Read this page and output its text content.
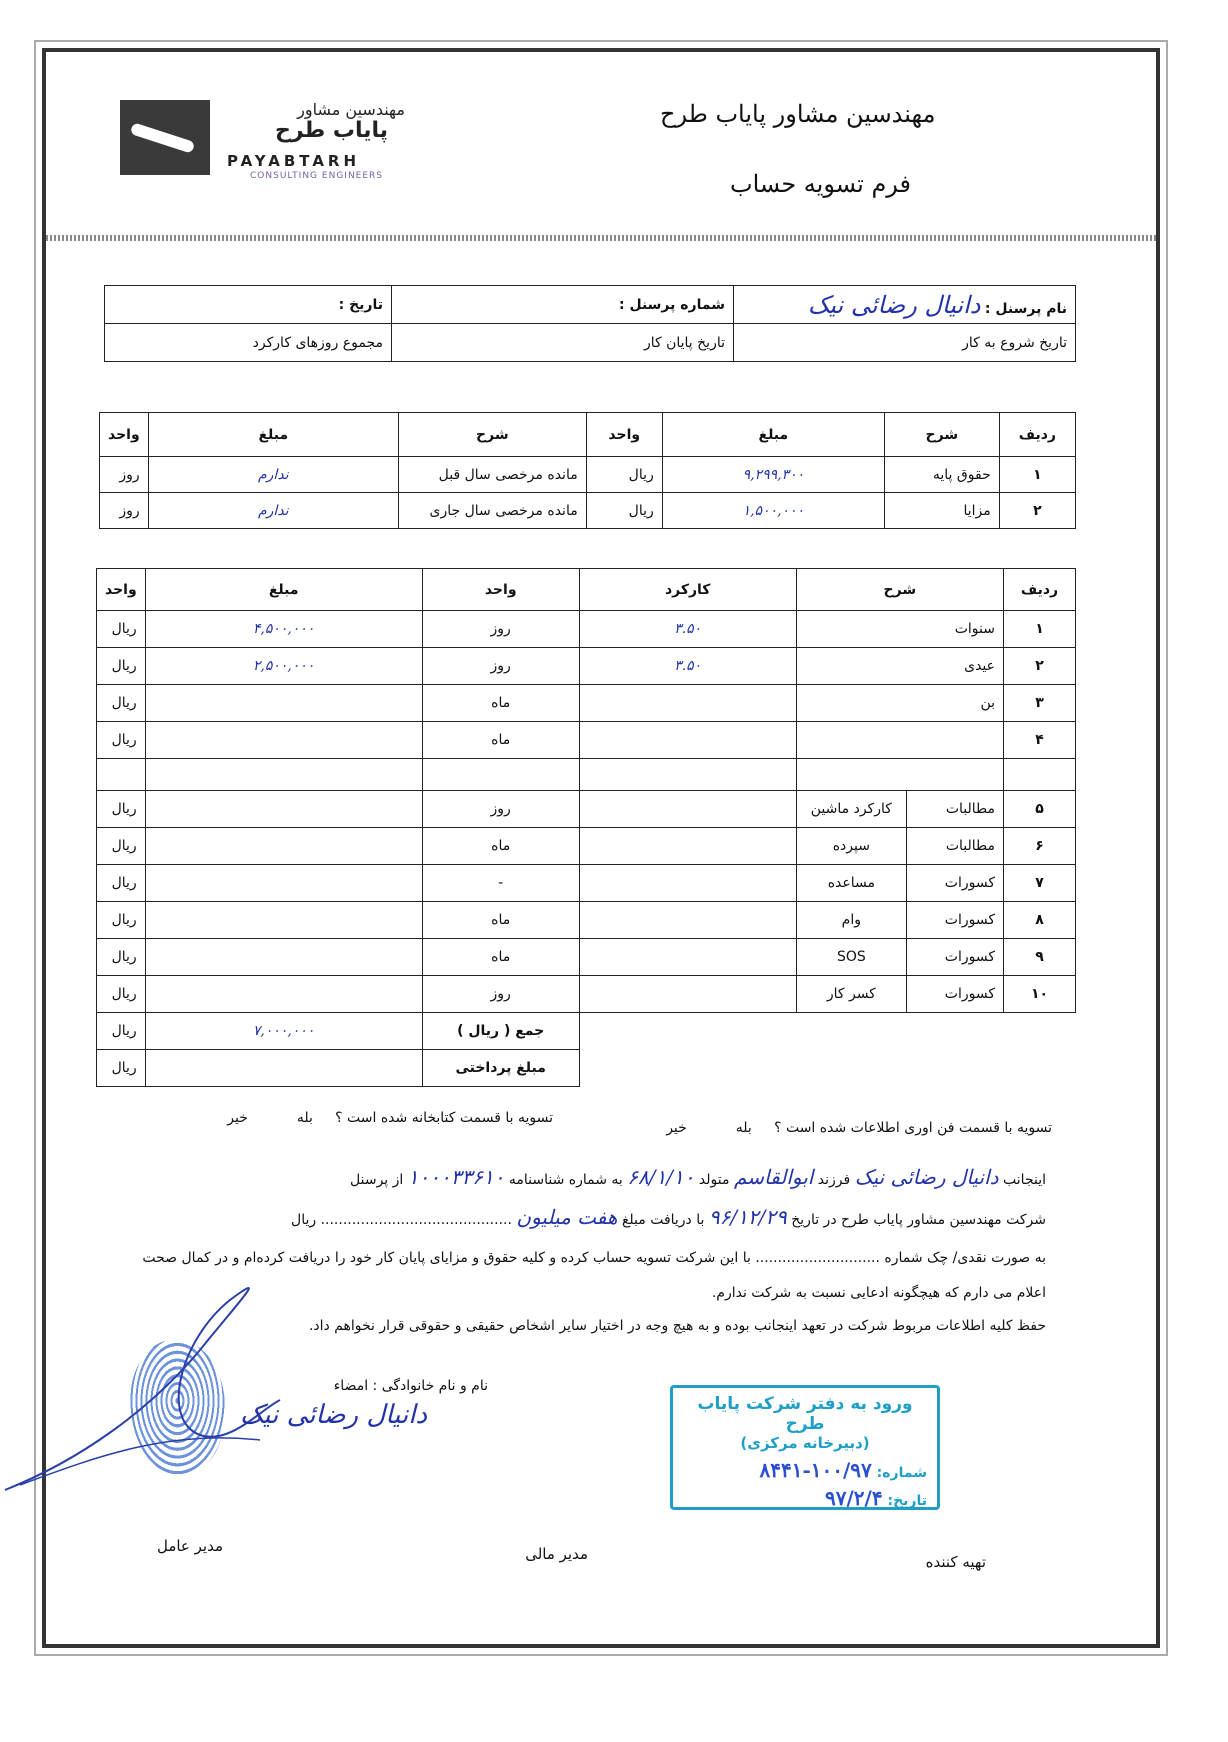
مهندسین مشاور پایاب طرح
فرم تسویه حساب
مهندسین مشاور
پایاب طرح
PAYABTARH
CONSULTING ENGINEERS
نام پرسنل : دانیال رضائی نیک	شماره پرسنل :	تاریخ :
تاریخ شروع به کار	تاریخ پایان کار	مجموع روزهای کارکرد
ردیف	شرح	مبلغ	واحد	شرح	مبلغ	واحد
۱	حقوق پایه	۹,۲۹۹,۳۰۰	ریال	مانده مرخصی سال قبل	ندارم	روز
۲	مزایا	۱,۵۰۰,۰۰۰	ریال	مانده مرخصی سال جاری	ندارم	روز
ردیف	شرح		کارکرد	واحد	مبلغ	واحد
۱	سنوات		۳.۵۰	روز	۴,۵۰۰,۰۰۰	ریال
۲	عیدی		۳.۵۰	روز	۲,۵۰۰,۰۰۰	ریال
۳	بن			ماه		ریال
۴				ماه		ریال

۵	مطالبات	کارکرد ماشین		روز		ریال
۶	مطالبات	سپرده		ماه		ریال
۷	کسورات	مساعده		-		ریال
۸	کسورات	وام		ماه		ریال
۹	کسورات	SOS		ماه		ریال
۱۰	کسورات	کسر کار		روز		ریال
				جمع ( ریال )	۷,۰۰۰,۰۰۰	ریال
				مبلغ پرداختی		ریال
تسویه با قسمت فن اوری اطلاعات شده است ؟     بله           خیر
تسویه با قسمت کتابخانه شده است ؟     بله           خیر
اینجانب دانیال رضائی نیک فرزند ابوالقاسم متولد ۶۸/۱/۱۰ به شماره شناسنامه ۱۰۰۰۳۳۶۱۰ از پرسنل
شرکت مهندسین مشاور پایاب طرح در تاریخ ۹۶/۱۲/۲۹ با دریافت مبلغ هفت میلیون ........................................... ریال
به صورت نقدی/ چک شماره ............................ با این شرکت تسویه حساب کرده و کلیه حقوق و مزایای پایان کار خود را دریافت کرده‌ام و در کمال صحت
اعلام می دارم که هیچگونه ادعایی نسبت به شرکت ندارم.
حفظ کلیه اطلاعات مربوط شرکت در تعهد اینجانب بوده و به هیچ وجه در اختیار سایر اشخاص حقیقی و حقوقی قرار نخواهم داد.
نام و نام خانوادگی : امضاء
دانیال رضائی نیک	ورود به دفتر شرکت پایاب طرح
(دبیرخانه مرکزی)
شماره: ۱۰۰/۹۷-۸۴۴۱
تاریخ: ۹۷/۲/۴
تهیه کننده
مدیر مالی
مدیر عامل
